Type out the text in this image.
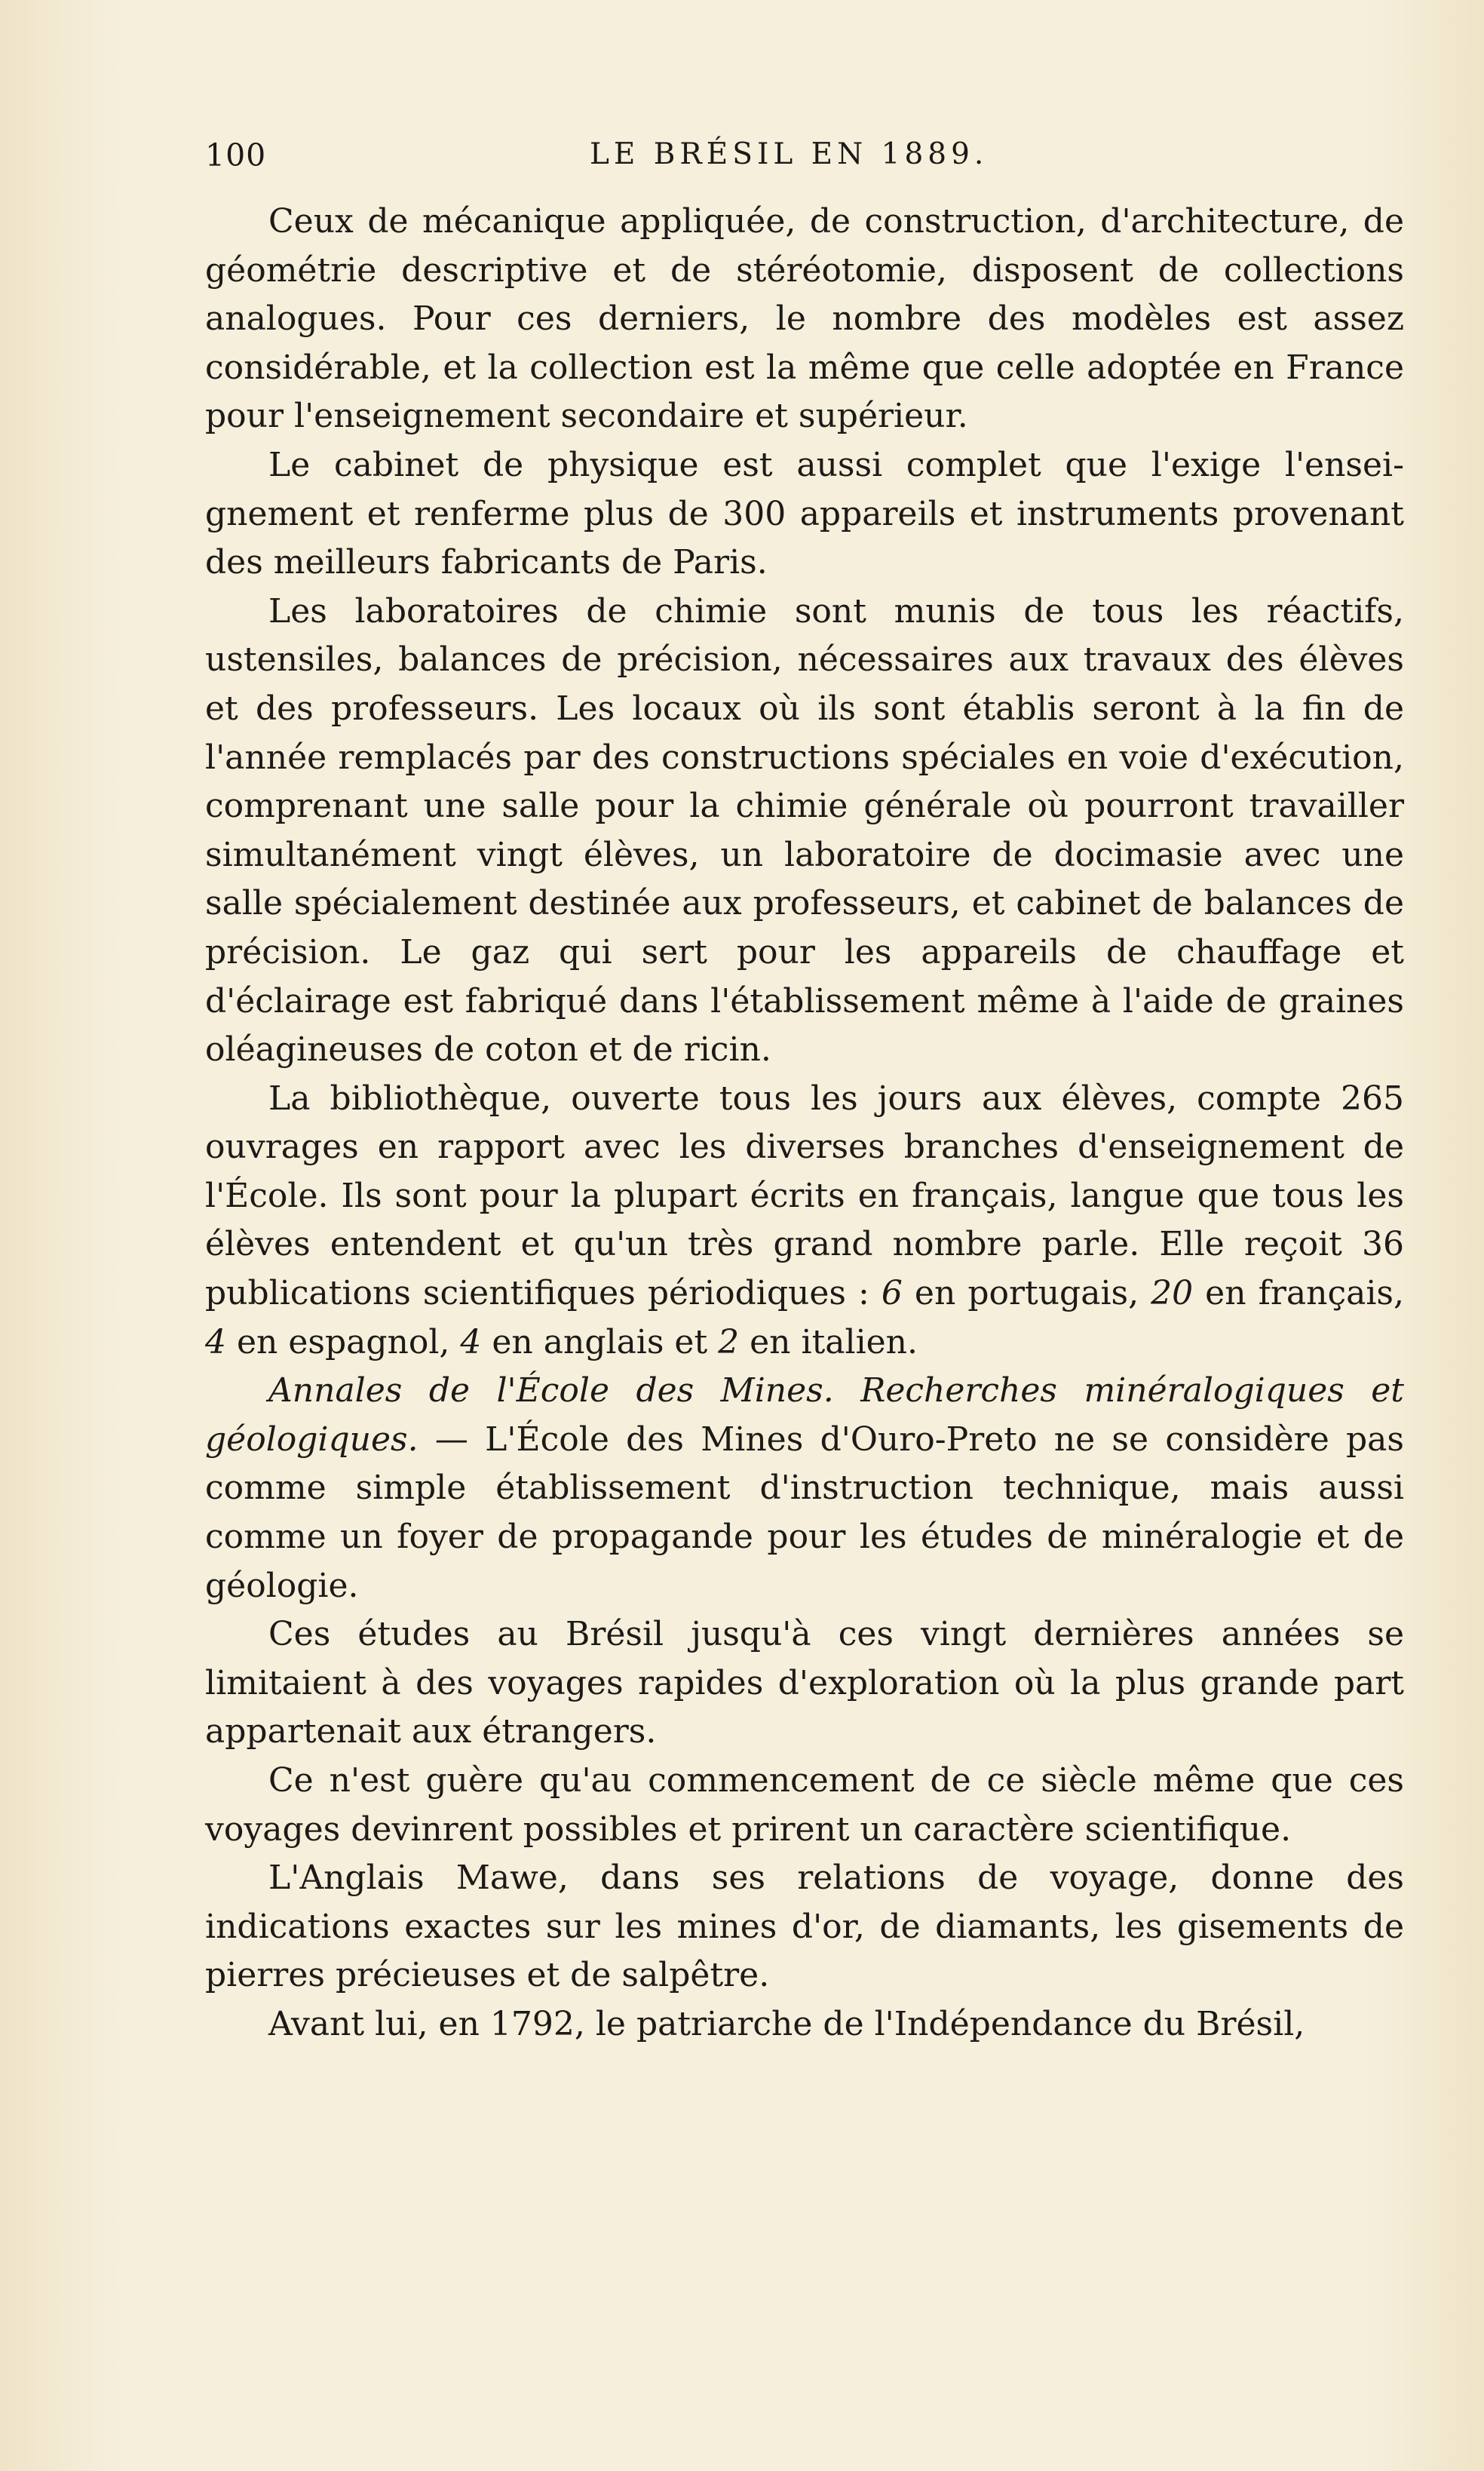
100	LE BRÉSIL EN 1889.

Ceux de mécanique appliquée, de construction, d'architecture, de géométrie descriptive et de stéréotomie, disposent de collections analogues. Pour ces derniers, le nombre des modèles est assez considérable, et la collection est la même que celle adoptée en France pour l'enseignement secondaire et supérieur.

Le cabinet de physique est aussi complet que l'exige l'enseignement et renferme plus de 300 appareils et instruments provenant des meilleurs fabricants de Paris.

Les laboratoires de chimie sont munis de tous les réactifs, ustensiles, balances de précision, nécessaires aux travaux des élèves et des professeurs. Les locaux où ils sont établis seront à la fin de l'année remplacés par des constructions spéciales en voie d'exécution, comprenant une salle pour la chimie générale où pourront travailler simultanément vingt élèves, un laboratoire de docimasie avec une salle spécialement destinée aux professeurs, et cabinet de balances de précision. Le gaz qui sert pour les appareils de chauffage et d'éclairage est fabriqué dans l'établissement même à l'aide de graines oléagineuses de coton et de ricin.

La bibliothèque, ouverte tous les jours aux élèves, compte 265 ouvrages en rapport avec les diverses branches d'enseignement de l'École. Ils sont pour la plupart écrits en français, langue que tous les élèves entendent et qu'un très grand nombre parle. Elle reçoit 36 publications scientifiques périodiques : 6 en portugais, 20 en français, 4 en espagnol, 4 en anglais et 2 en italien.

Annales de l'École des Mines. Recherches minéralogiques et géologiques. — L'École des Mines d'Ouro-Preto ne se considère pas comme simple établissement d'instruction technique, mais aussi comme un foyer de propagande pour les études de minéralogie et de géologie.

Ces études au Brésil jusqu'à ces vingt dernières années se limitaient à des voyages rapides d'exploration où la plus grande part appartenait aux étrangers.

Ce n'est guère qu'au commencement de ce siècle même que ces voyages devinrent possibles et prirent un caractère scientifique.

L'Anglais Mawe, dans ses relations de voyage, donne des indications exactes sur les mines d'or, de diamants, les gisements de pierres précieuses et de salpêtre.

Avant lui, en 1792, le patriarche de l'Indépendance du Brésil,
